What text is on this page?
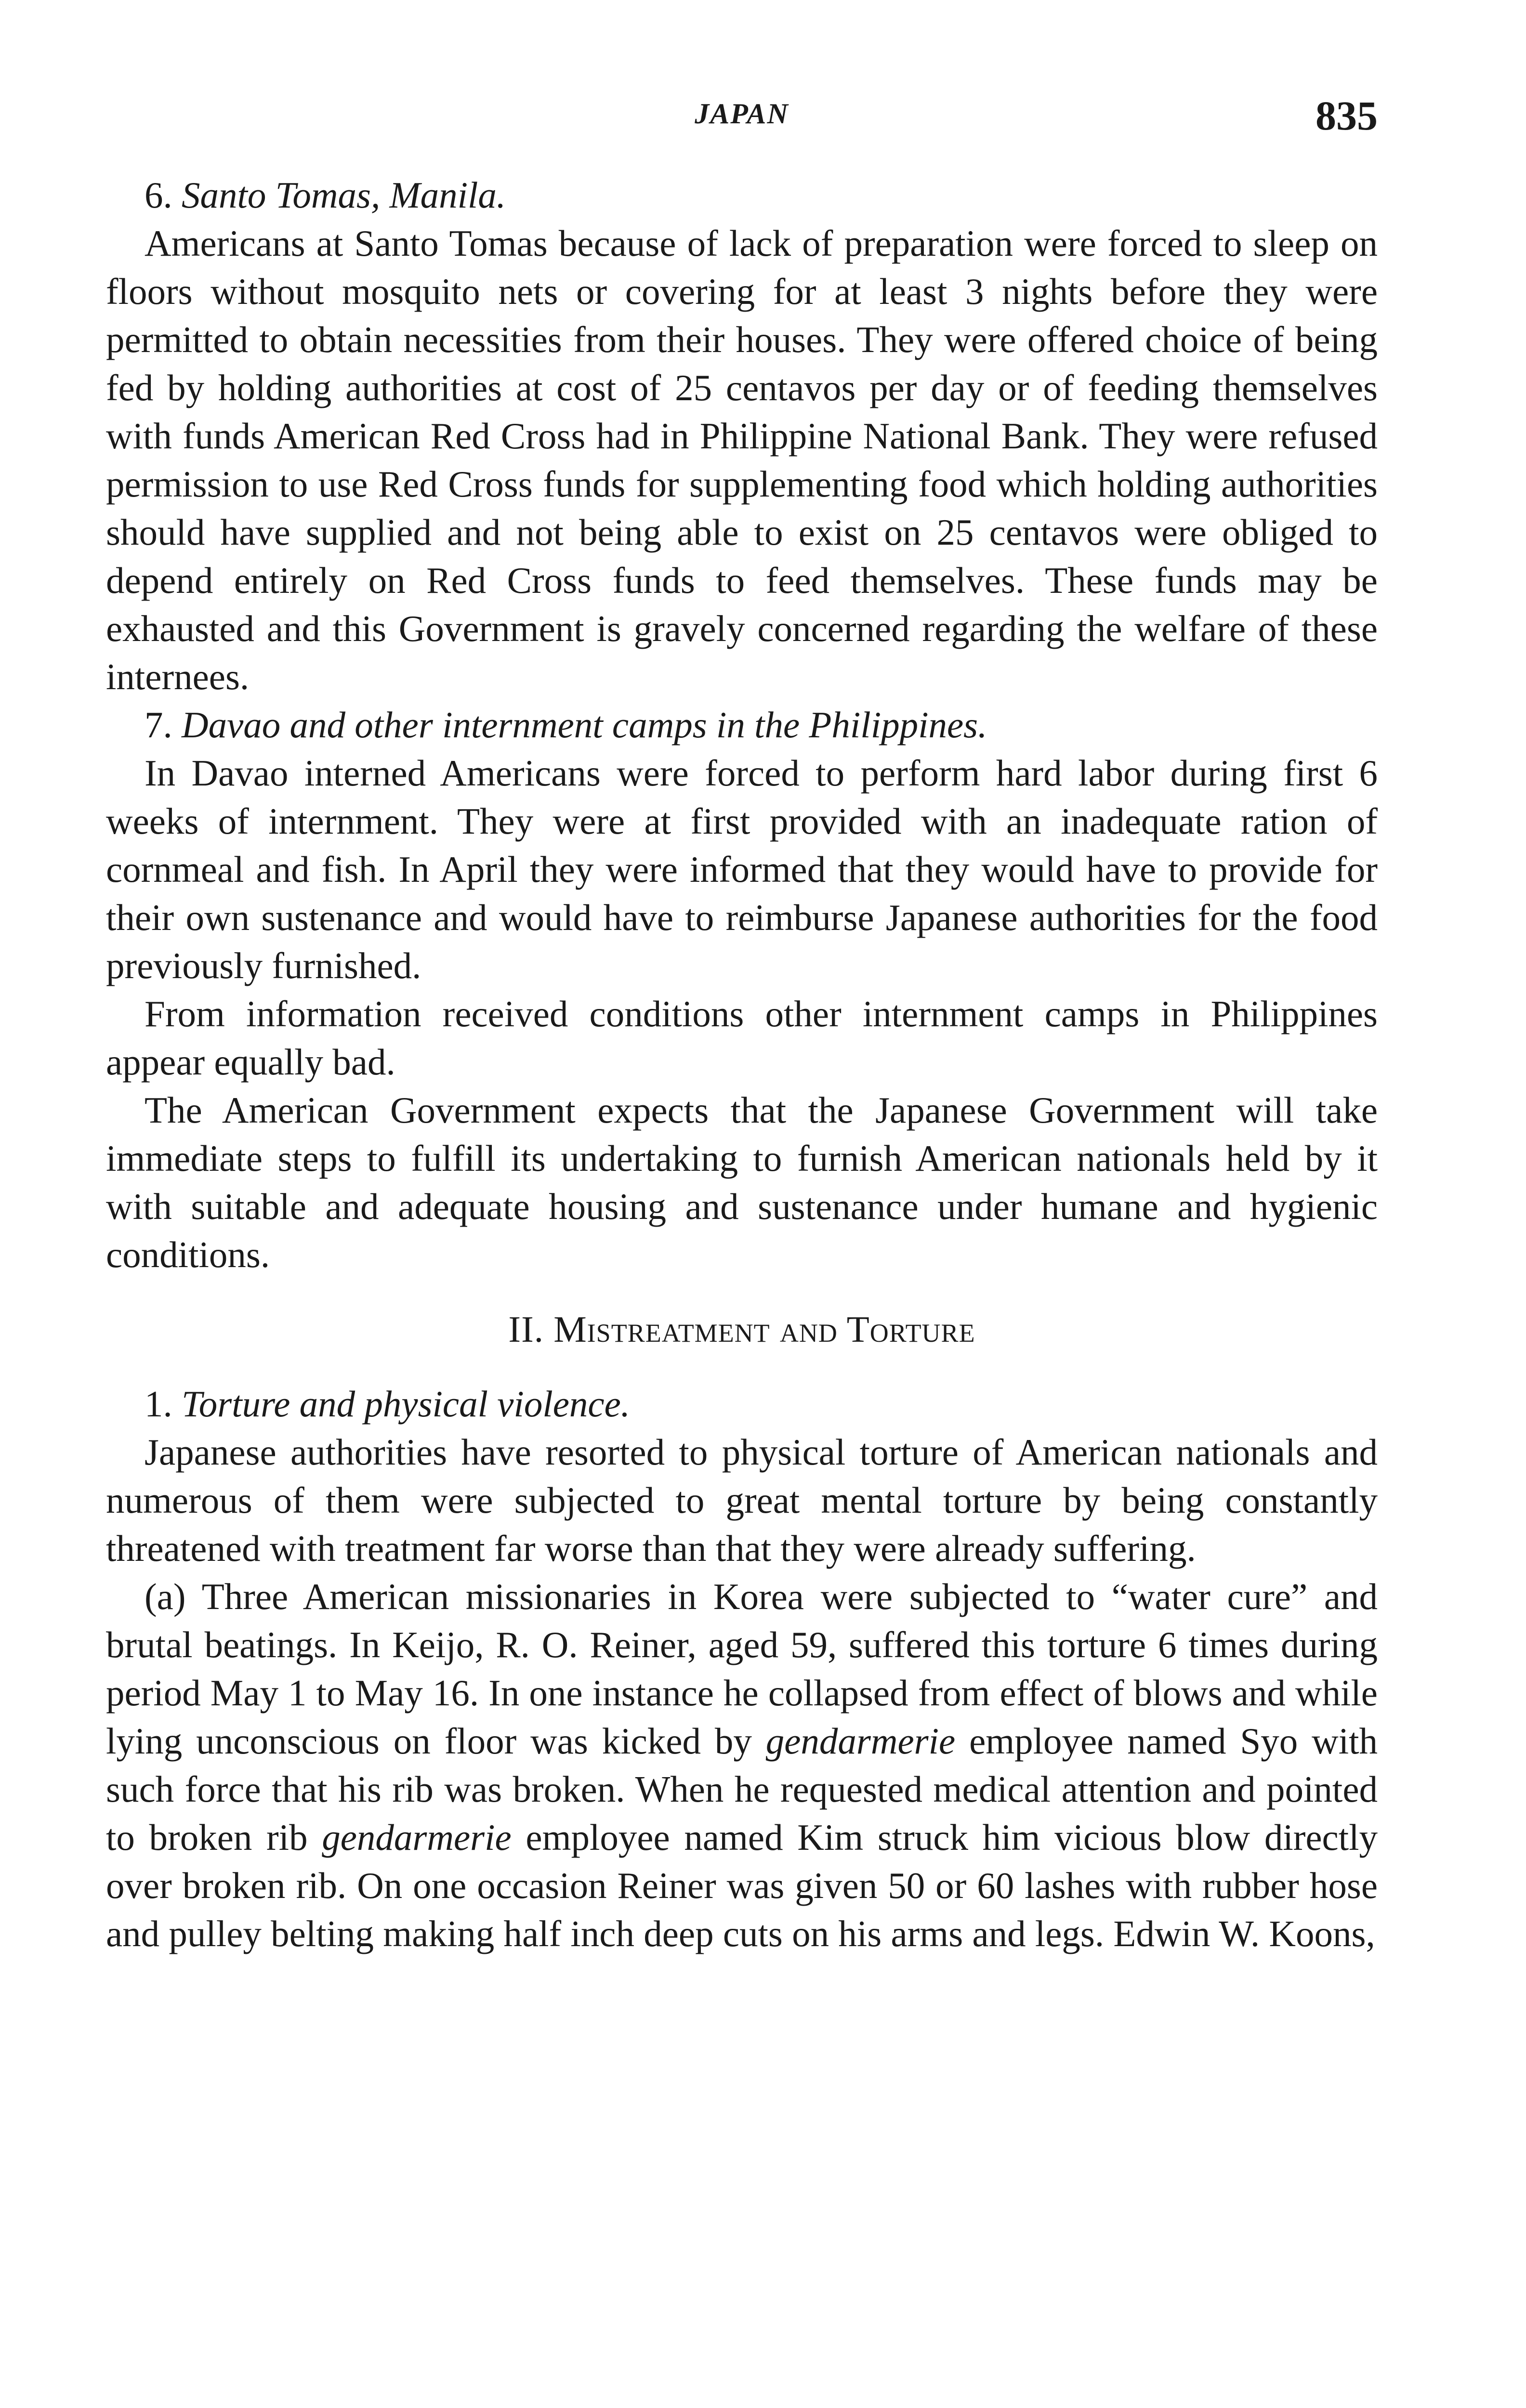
JAPAN	835

6. Santo Tomas, Manila.

Americans at Santo Tomas because of lack of preparation were forced to sleep on floors without mosquito nets or covering for at least 3 nights before they were permitted to obtain necessities from their houses. They were offered choice of being fed by holding authorities at cost of 25 centavos per day or of feeding themselves with funds American Red Cross had in Philippine National Bank. They were refused permission to use Red Cross funds for supplementing food which holding authorities should have supplied and not being able to exist on 25 centavos were obliged to depend entirely on Red Cross funds to feed themselves. These funds may be exhausted and this Government is gravely concerned regarding the welfare of these internees.

7. Davao and other internment camps in the Philippines.

In Davao interned Americans were forced to perform hard labor during first 6 weeks of internment. They were at first provided with an inadequate ration of cornmeal and fish. In April they were informed that they would have to provide for their own sustenance and would have to reimburse Japanese authorities for the food previously furnished.

From information received conditions other internment camps in Philippines appear equally bad.

The American Government expects that the Japanese Government will take immediate steps to fulfill its undertaking to furnish American nationals held by it with suitable and adequate housing and sustenance under humane and hygienic conditions.

II. Mistreatment and Torture

1. Torture and physical violence.

Japanese authorities have resorted to physical torture of American nationals and numerous of them were subjected to great mental torture by being constantly threatened with treatment far worse than that they were already suffering.

(a) Three American missionaries in Korea were subjected to “water cure” and brutal beatings. In Keijo, R. O. Reiner, aged 59, suffered this torture 6 times during period May 1 to May 16. In one instance he collapsed from effect of blows and while lying unconscious on floor was kicked by gendarmerie employee named Syo with such force that his rib was broken. When he requested medical attention and pointed to broken rib gendarmerie employee named Kim struck him vicious blow directly over broken rib. On one occasion Reiner was given 50 or 60 lashes with rubber hose and pulley belting making half inch deep cuts on his arms and legs. Edwin W. Koons,
